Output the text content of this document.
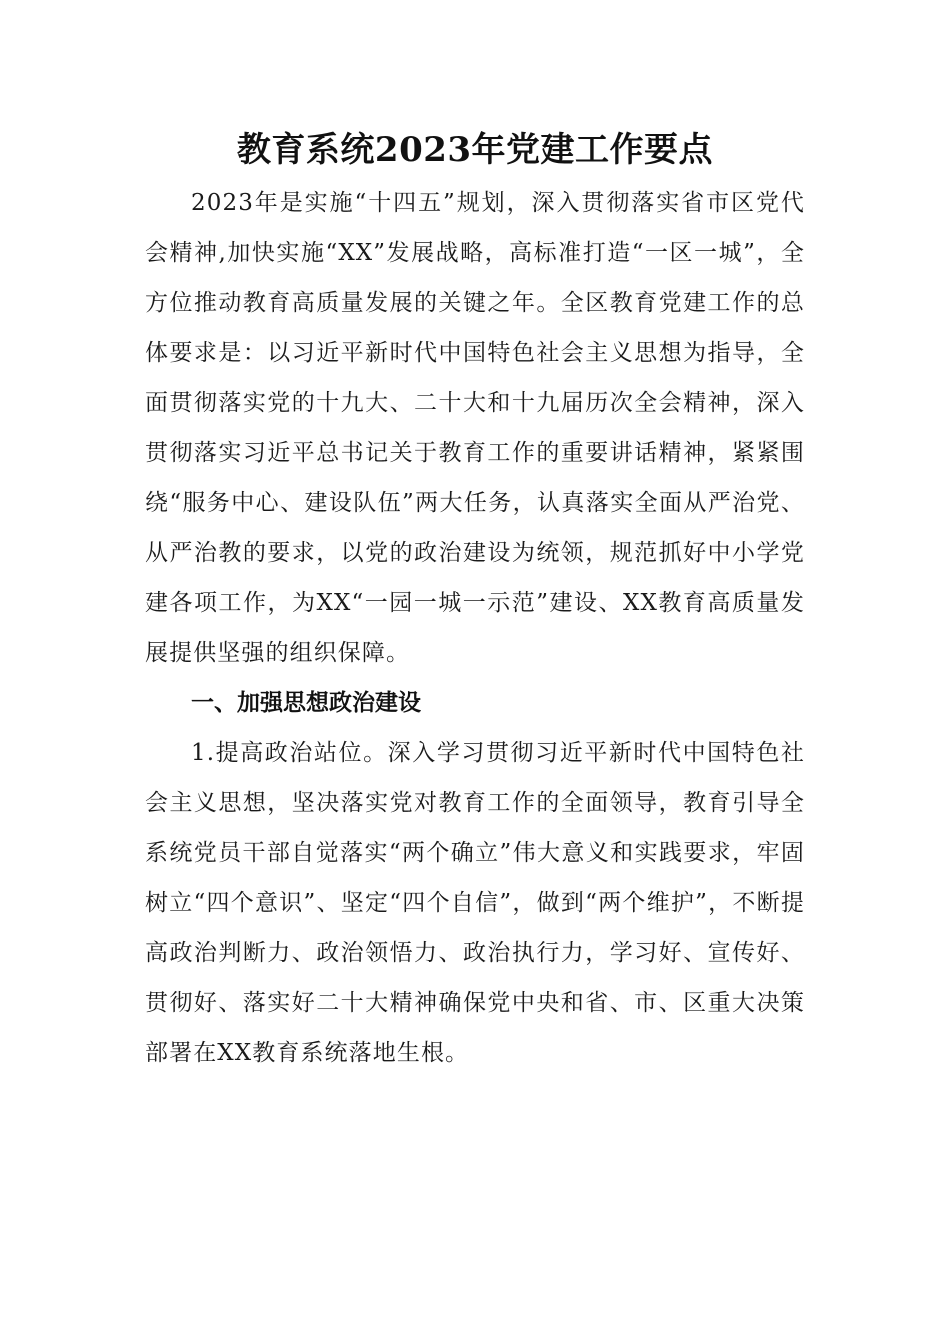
教育系统2023年党建工作要点

2023年是实施“十四五”规划，深入贯彻落实省市区党代会精神,加快实施“XX”发展战略，高标准打造“一区一城”，全方位推动教育高质量发展的关键之年。全区教育党建工作的总体要求是：以习近平新时代中国特色社会主义思想为指导，全面贯彻落实党的十九大、二十大和十九届历次全会精神，深入贯彻落实习近平总书记关于教育工作的重要讲话精神，紧紧围绕“服务中心、建设队伍”两大任务，认真落实全面从严治党、从严治教的要求，以党的政治建设为统领，规范抓好中小学党建各项工作，为XX“一园一城一示范”建设、XX教育高质量发展提供坚强的组织保障。

一、加强思想政治建设

1.提高政治站位。深入学习贯彻习近平新时代中国特色社会主义思想，坚决落实党对教育工作的全面领导，教育引导全系统党员干部自觉落实“两个确立”伟大意义和实践要求，牢固树立“四个意识”、坚定“四个自信”，做到“两个维护”，不断提高政治判断力、政治领悟力、政治执行力，学习好、宣传好、贯彻好、落实好二十大精神确保党中央和省、市、区重大决策部署在XX教育系统落地生根。
